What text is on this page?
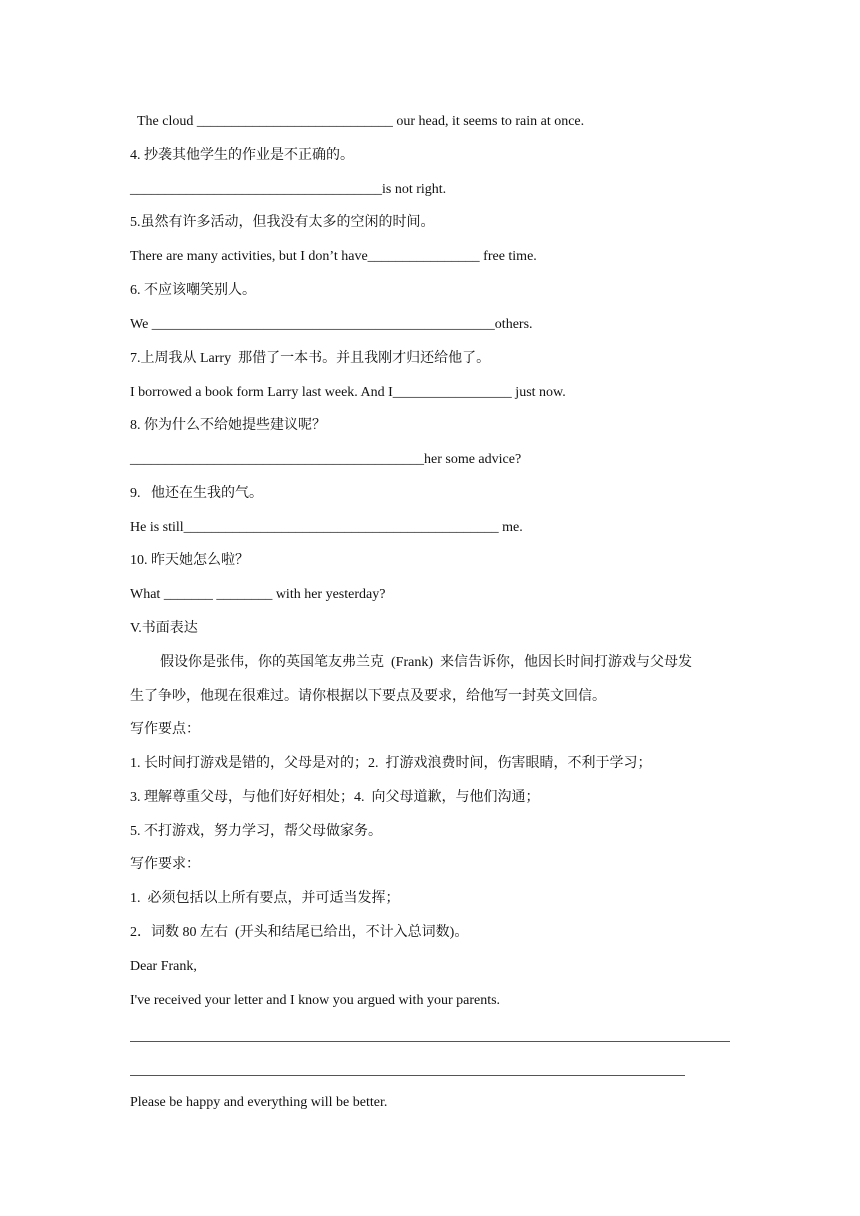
The cloud ____________________________ our head, it seems to rain at once.
4. 抄袭其他学生的作业是不正确的。
____________________________________is not right.
5.虽然有许多活动，但我没有太多的空闲的时间。
There are many activities, but I don’t have________________ free time.
6. 不应该嘲笑别人。
We _________________________________________________others.
7.上周我从 Larry  那借了一本书。并且我刚才归还给他了。
I borrowed a book form Larry last week. And I_________________ just now.
8. 你为什么不给她提些建议呢？
__________________________________________her some advice?
9.   他还在生我的气。
He is still_____________________________________________ me.
10. 昨天她怎么啦？
What _______ ________ with her yesterday?
V.书面表达
假设你是张伟，你的英国笔友弗兰克  (Frank)  来信告诉你，他因长时间打游戏与父母发
生了争吵，他现在很难过。请你根据以下要点及要求，给他写一封英文回信。
写作要点：
1. 长时间打游戏是错的，父母是对的；2.  打游戏浪费时间，伤害眼睛，不利于学习；
3. 理解尊重父母，与他们好好相处；4.  向父母道歉，与他们沟通；
5. 不打游戏，努力学习，帮父母做家务。
写作要求：
1.  必须包括以上所有要点，并可适当发挥；
2．词数 80 左右  (开头和结尾已给出，不计入总词数)。
Dear Frank,
I've received your letter and I know you argued with your parents.
Please be happy and everything will be better.
